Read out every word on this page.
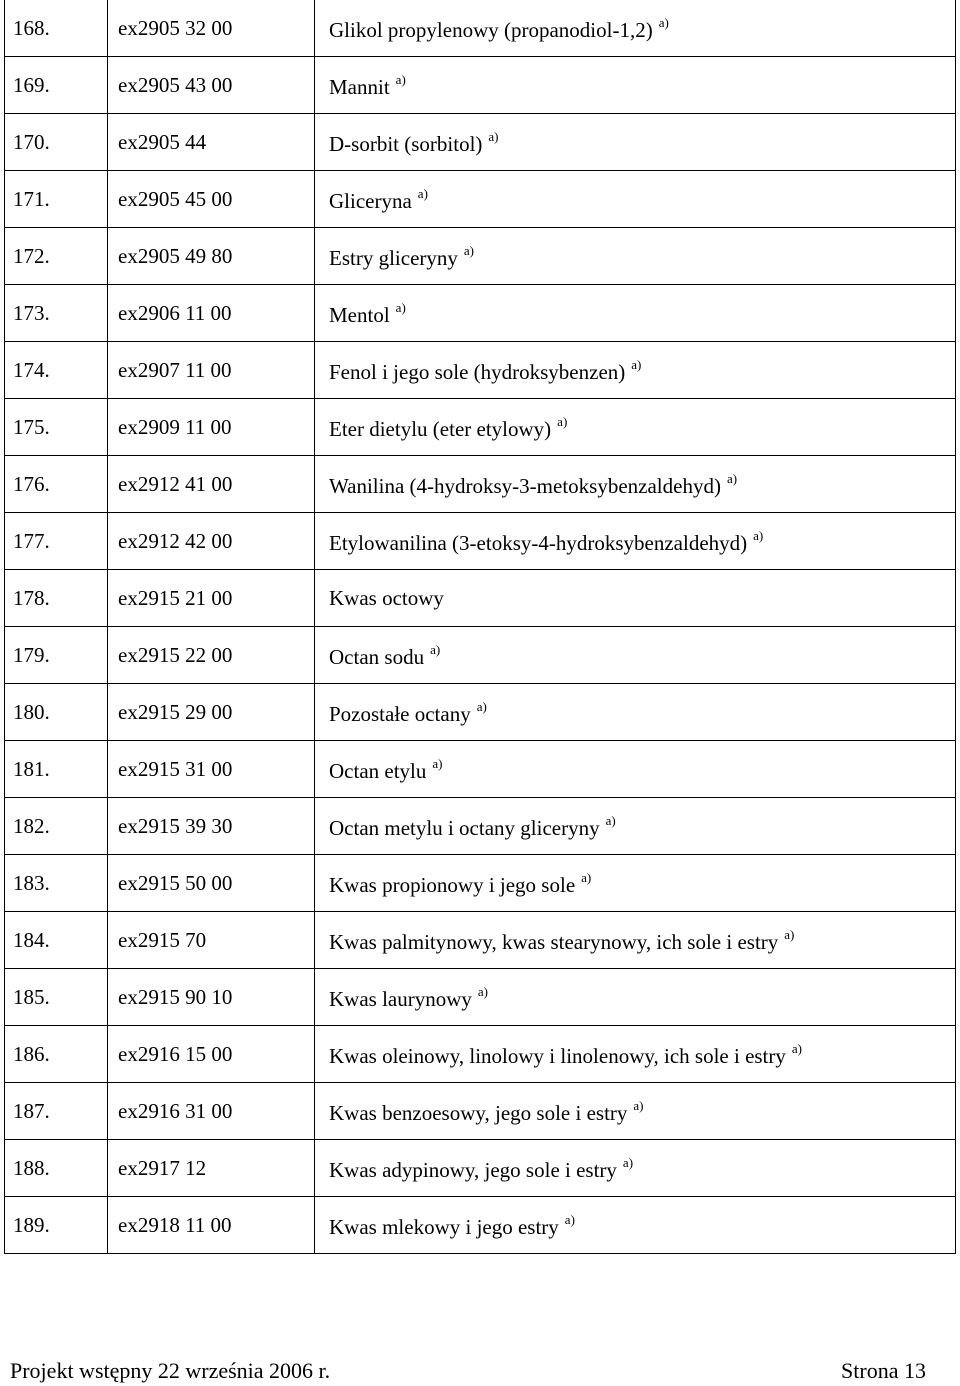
168.	ex2905 32 00	Glikol propylenowy (propanodiol-1,2) $^{a)}$
169.	ex2905 43 00	Mannit $^{a)}$
170.	ex2905 44	D-sorbit (sorbitol) $^{a)}$
171.	ex2905 45 00	Gliceryna $^{a)}$
172.	ex2905 49 80	Estry gliceryny $^{a)}$
173.	ex2906 11 00	Mentol $^{a)}$
174.	ex2907 11 00	Fenol i jego sole (hydroksybenzen) $^{a)}$
175.	ex2909 11 00	Eter dietylu (eter etylowy) $^{a)}$
176.	ex2912 41 00	Wanilina (4-hydroksy-3-metoksybenzaldehyd) $^{a)}$
177.	ex2912 42 00	Etylowanilina (3-etoksy-4-hydroksybenzaldehyd) $^{a)}$
178.	ex2915 21 00	Kwas octowy
179.	ex2915 22 00	Octan sodu $^{a)}$
180.	ex2915 29 00	Pozostałe octany $^{a)}$
181.	ex2915 31 00	Octan etylu $^{a)}$
182.	ex2915 39 30	Octan metylu i octany gliceryny $^{a)}$
183.	ex2915 50 00	Kwas propionowy i jego sole $^{a)}$
184.	ex2915 70	Kwas palmitynowy, kwas stearynowy, ich sole i estry $^{a)}$
185.	ex2915 90 10	Kwas laurynowy $^{a)}$
186.	ex2916 15 00	Kwas oleinowy, linolowy i linolenowy, ich sole i estry $^{a)}$
187.	ex2916 31 00	Kwas benzoesowy, jego sole i estry $^{a)}$
188.	ex2917 12	Kwas adypinowy, jego sole i estry $^{a)}$
189.	ex2918 11 00	Kwas mlekowy i jego estry $^{a)}$
Projekt wstępny 22 września 2006 r.	Strona 13
